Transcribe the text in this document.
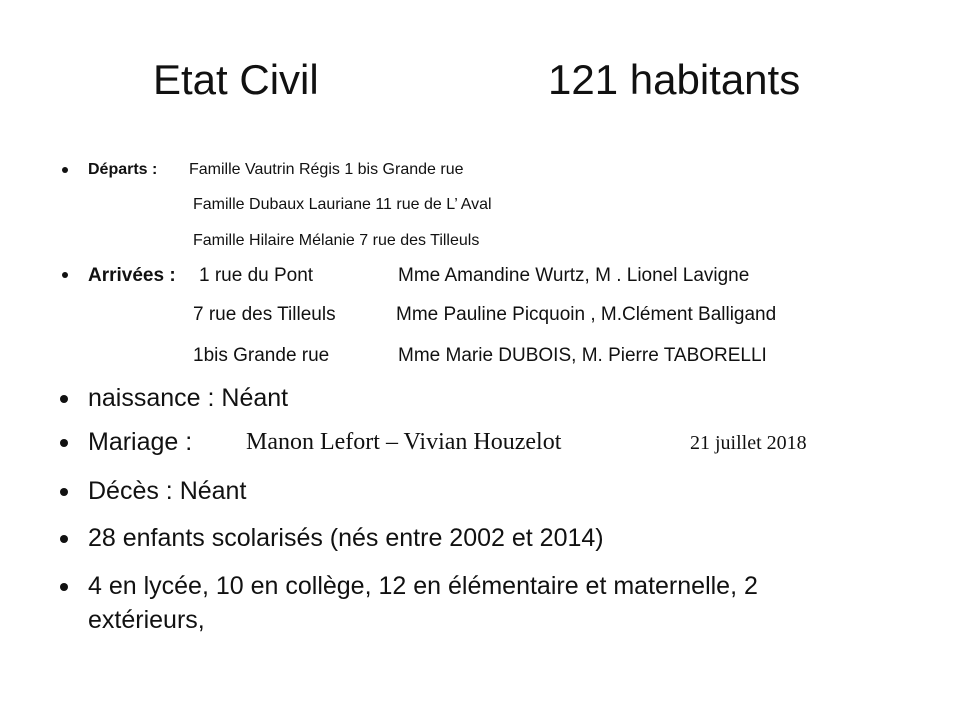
Etat Civil	121 habitants
Départs : Famille Vautrin Régis 1 bis Grande rue
Famille Dubaux Lauriane 11 rue de L’ Aval
Famille Hilaire Mélanie 7 rue des Tilleuls
Arrivées : 1 rue du Pont	Mme Amandine Wurtz, M . Lionel Lavigne
7 rue des Tilleuls	Mme Pauline Picquoin , M.Clément Balligand
1bis Grande rue	Mme Marie DUBOIS, M. Pierre TABORELLI
naissance : Néant
Mariage : Manon Lefort – Vivian Houzelot	21 juillet 2018
Décès : Néant
28 enfants scolarisés (nés entre 2002 et 2014)
4 en lycée, 10 en collège, 12 en élémentaire et maternelle, 2
extérieurs,
